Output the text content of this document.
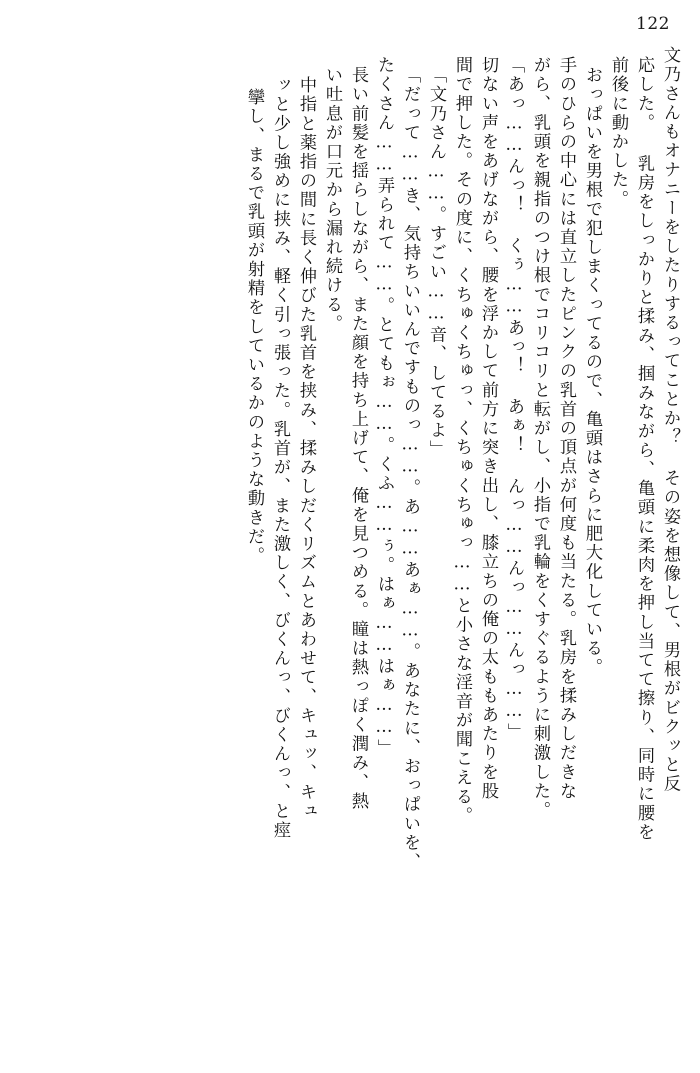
122
文乃さんもオナニーをしたりするってことか？ その姿を想像して、男根がビクッと反
応した。 乳房をしっかりと揉み、掴みながら、亀頭に柔肉を押し当てて擦り、同時に腰を
前後に動かした。
おっぱいを男根で犯しまくってるので、亀頭はさらに肥大化している。
手のひらの中心には直立したピンクの乳首の頂点が何度も当たる。乳房を揉みしだきな
がら、乳頭を親指のつけ根でコリコリと転がし、小指で乳輪をくすぐるように刺激した。
「あっ……んっ！ くぅ……あっ！ あぁ！ んっ……んっ……んっ……」
切ない声をあげながら、腰を浮かして前方に突き出し、膝立ちの俺の太ももあたりを股
間で押した。その度に、くちゅくちゅっ、くちゅくちゅっ……と小さな淫音が聞こえる。
「文乃さん……。すごい……音、してるよ」
「だって……き、気持ちいいんですものっ……。あ……あぁ……。あなたに、おっぱいを、
たくさん……弄られて……。とてもぉ……。くふ……ぅ。はぁ……はぁ……」
長い前髪を揺らしながら、また顔を持ち上げて、俺を見つめる。瞳は熱っぽく潤み、熱
い吐息が口元から漏れ続ける。
中指と薬指の間に長く伸びた乳首を挟み、揉みしだくリズムとあわせて、キュッ、キュ
ッと少し強めに挟み、軽く引っ張った。乳首が、また激しく、びくんっ、びくんっ、と痙
攣し、まるで乳頭が射精をしているかのような動きだ。
